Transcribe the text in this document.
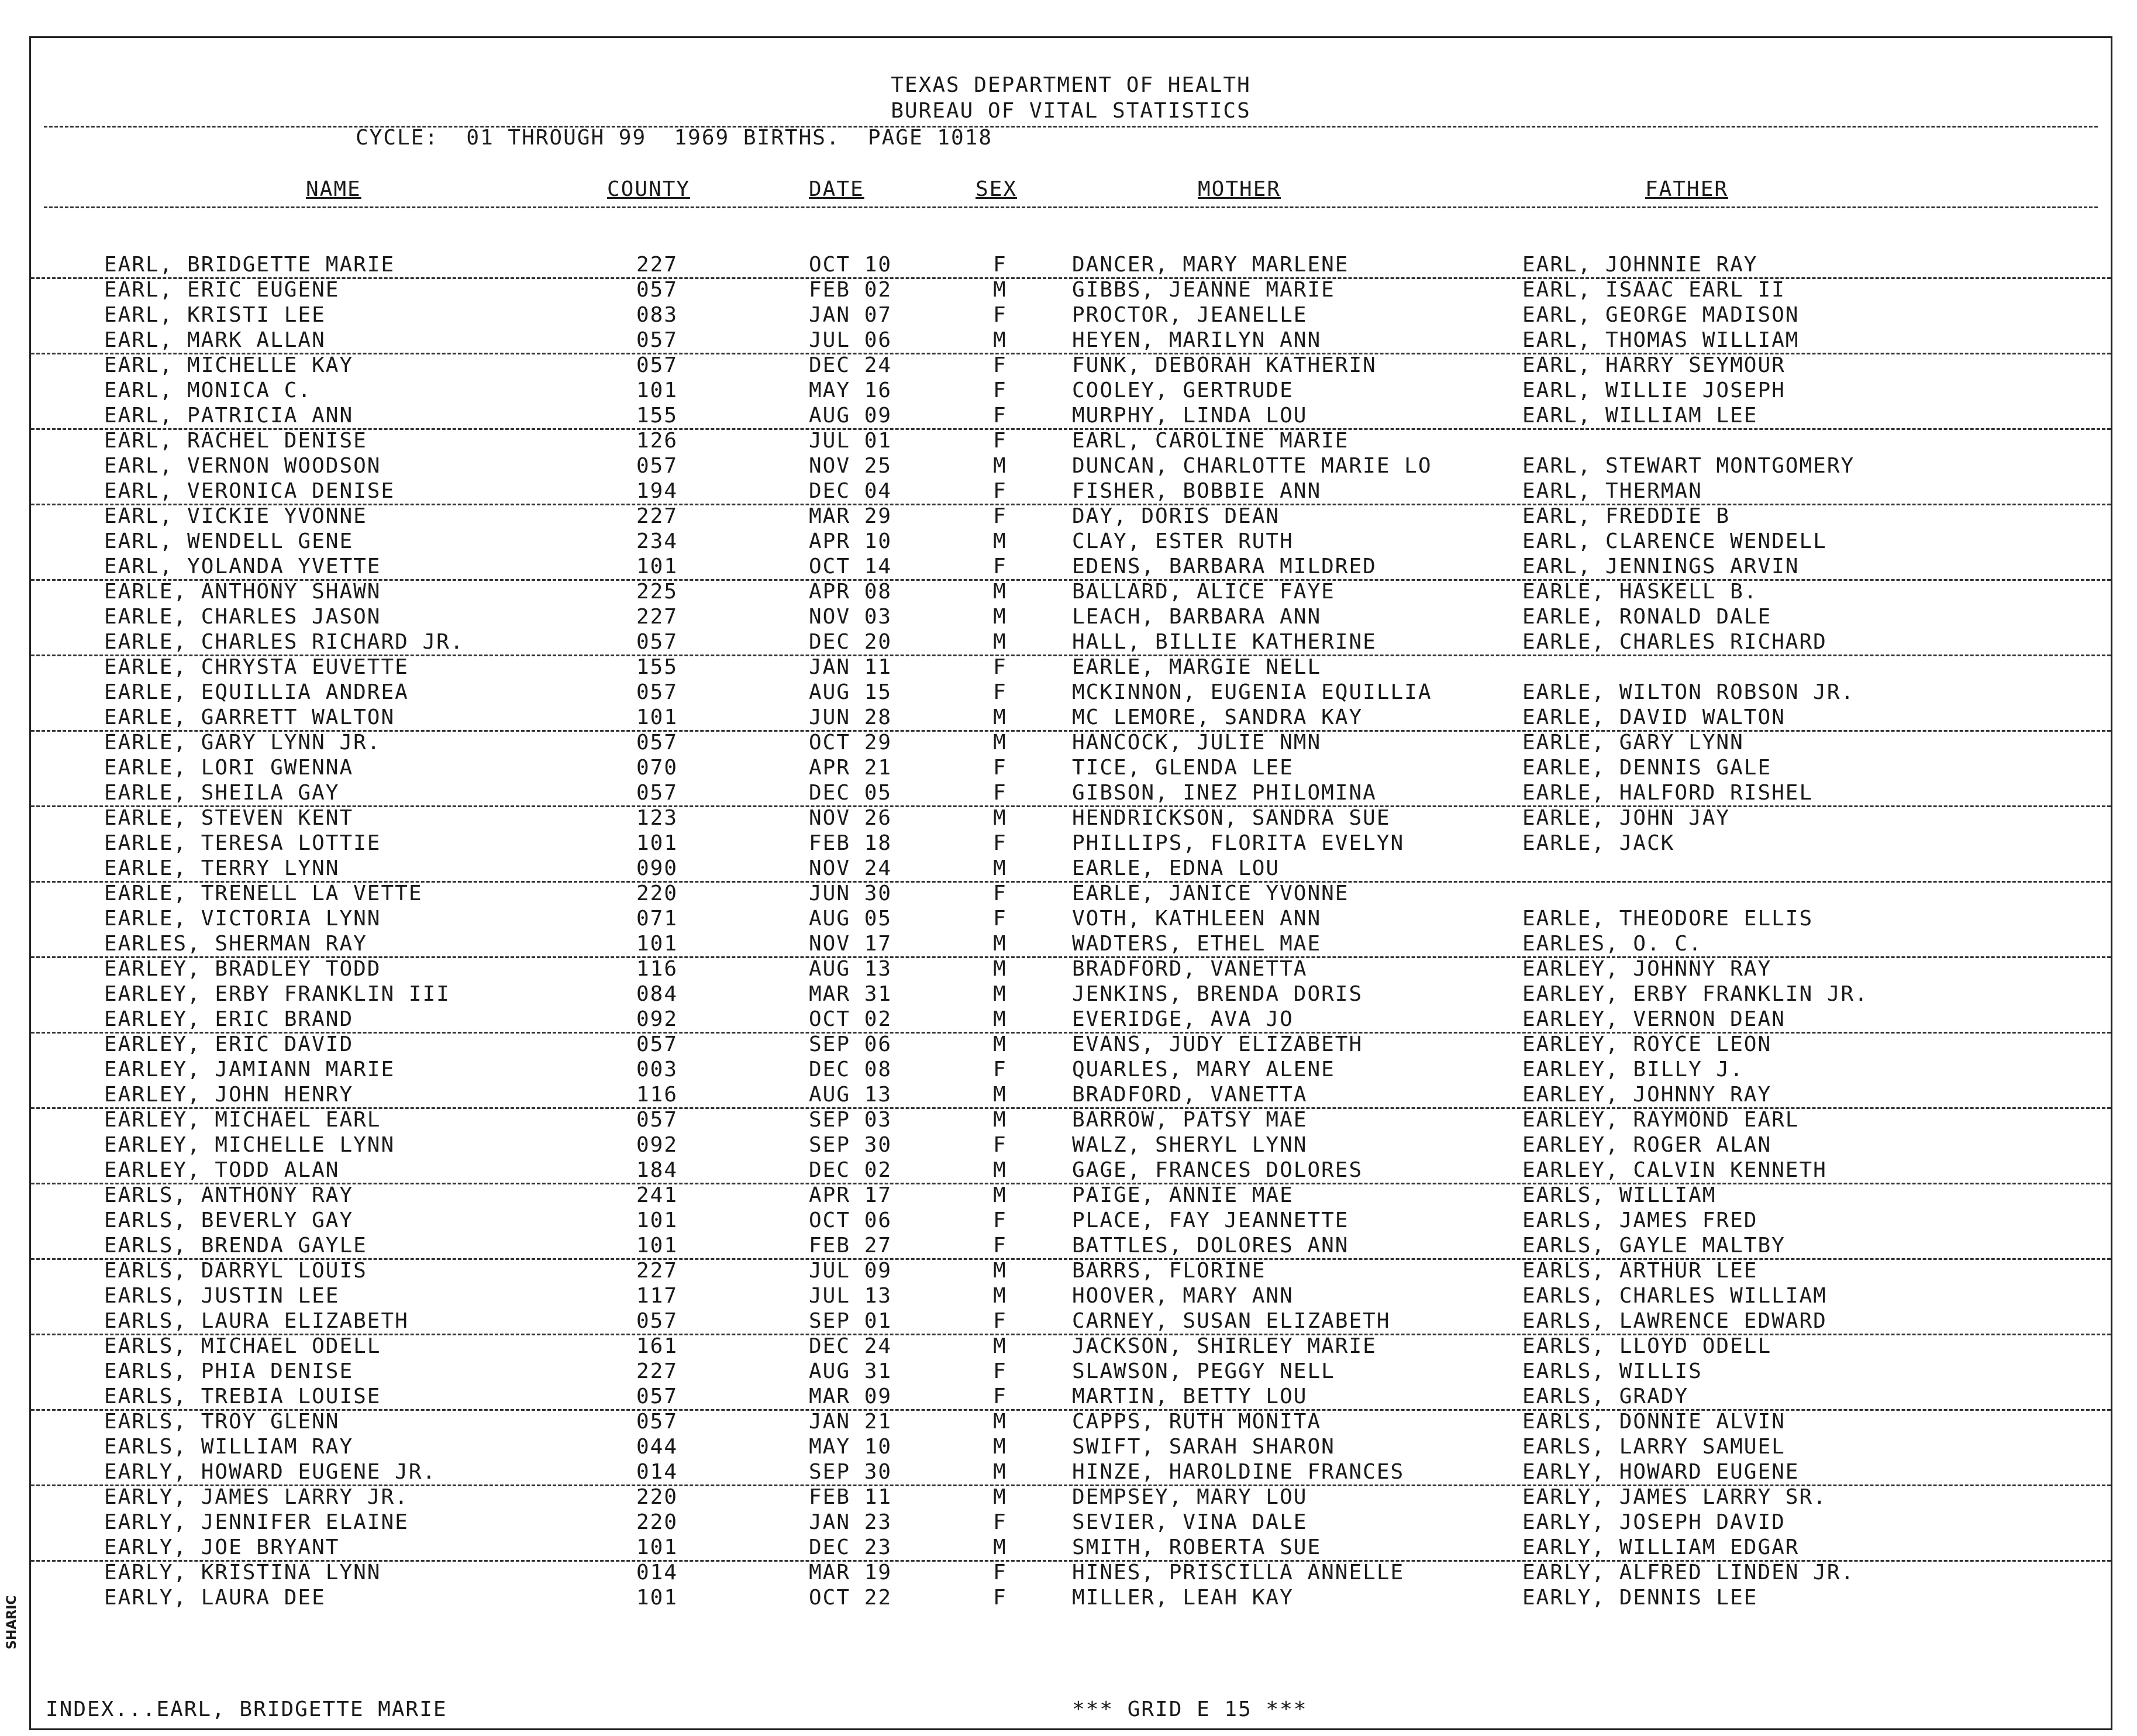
TEXAS DEPARTMENT OF HEALTH
BUREAU OF VITAL STATISTICS
CYCLE:  01 THROUGH 99  1969 BIRTHS.  PAGE 1018
NAME	COUNTY	DATE	SEX	MOTHER	FATHER
EARL, BRIDGETTE MARIE	227	OCT 10	F	DANCER, MARY MARLENE	EARL, JOHNNIE RAY
EARL, ERIC EUGENE	057	FEB 02	M	GIBBS, JEANNE MARIE	EARL, ISAAC EARL II
EARL, KRISTI LEE	083	JAN 07	F	PROCTOR, JEANELLE	EARL, GEORGE MADISON
EARL, MARK ALLAN	057	JUL 06	M	HEYEN, MARILYN ANN	EARL, THOMAS WILLIAM
EARL, MICHELLE KAY	057	DEC 24	F	FUNK, DEBORAH KATHERIN	EARL, HARRY SEYMOUR
EARL, MONICA C.	101	MAY 16	F	COOLEY, GERTRUDE	EARL, WILLIE JOSEPH
EARL, PATRICIA ANN	155	AUG 09	F	MURPHY, LINDA LOU	EARL, WILLIAM LEE
EARL, RACHEL DENISE	126	JUL 01	F	EARL, CAROLINE MARIE
EARL, VERNON WOODSON	057	NOV 25	M	DUNCAN, CHARLOTTE MARIE LO	EARL, STEWART MONTGOMERY
EARL, VERONICA DENISE	194	DEC 04	F	FISHER, BOBBIE ANN	EARL, THERMAN
EARL, VICKIE YVONNE	227	MAR 29	F	DAY, DORIS DEAN	EARL, FREDDIE B
EARL, WENDELL GENE	234	APR 10	M	CLAY, ESTER RUTH	EARL, CLARENCE WENDELL
EARL, YOLANDA YVETTE	101	OCT 14	F	EDENS, BARBARA MILDRED	EARL, JENNINGS ARVIN
EARLE, ANTHONY SHAWN	225	APR 08	M	BALLARD, ALICE FAYE	EARLE, HASKELL B.
EARLE, CHARLES JASON	227	NOV 03	M	LEACH, BARBARA ANN	EARLE, RONALD DALE
EARLE, CHARLES RICHARD JR.	057	DEC 20	M	HALL, BILLIE KATHERINE	EARLE, CHARLES RICHARD
EARLE, CHRYSTA EUVETTE	155	JAN 11	F	EARLE, MARGIE NELL
EARLE, EQUILLIA ANDREA	057	AUG 15	F	MCKINNON, EUGENIA EQUILLIA	EARLE, WILTON ROBSON JR.
EARLE, GARRETT WALTON	101	JUN 28	M	MC LEMORE, SANDRA KAY	EARLE, DAVID WALTON
EARLE, GARY LYNN JR.	057	OCT 29	M	HANCOCK, JULIE NMN	EARLE, GARY LYNN
EARLE, LORI GWENNA	070	APR 21	F	TICE, GLENDA LEE	EARLE, DENNIS GALE
EARLE, SHEILA GAY	057	DEC 05	F	GIBSON, INEZ PHILOMINA	EARLE, HALFORD RISHEL
EARLE, STEVEN KENT	123	NOV 26	M	HENDRICKSON, SANDRA SUE	EARLE, JOHN JAY
EARLE, TERESA LOTTIE	101	FEB 18	F	PHILLIPS, FLORITA EVELYN	EARLE, JACK
EARLE, TERRY LYNN	090	NOV 24	M	EARLE, EDNA LOU
EARLE, TRENELL LA VETTE	220	JUN 30	F	EARLE, JANICE YVONNE
EARLE, VICTORIA LYNN	071	AUG 05	F	VOTH, KATHLEEN ANN	EARLE, THEODORE ELLIS
EARLES, SHERMAN RAY	101	NOV 17	M	WADTERS, ETHEL MAE	EARLES, O. C.
EARLEY, BRADLEY TODD	116	AUG 13	M	BRADFORD, VANETTA	EARLEY, JOHNNY RAY
EARLEY, ERBY FRANKLIN III	084	MAR 31	M	JENKINS, BRENDA DORIS	EARLEY, ERBY FRANKLIN JR.
EARLEY, ERIC BRAND	092	OCT 02	M	EVERIDGE, AVA JO	EARLEY, VERNON DEAN
EARLEY, ERIC DAVID	057	SEP 06	M	EVANS, JUDY ELIZABETH	EARLEY, ROYCE LEON
EARLEY, JAMIANN MARIE	003	DEC 08	F	QUARLES, MARY ALENE	EARLEY, BILLY J.
EARLEY, JOHN HENRY	116	AUG 13	M	BRADFORD, VANETTA	EARLEY, JOHNNY RAY
EARLEY, MICHAEL EARL	057	SEP 03	M	BARROW, PATSY MAE	EARLEY, RAYMOND EARL
EARLEY, MICHELLE LYNN	092	SEP 30	F	WALZ, SHERYL LYNN	EARLEY, ROGER ALAN
EARLEY, TODD ALAN	184	DEC 02	M	GAGE, FRANCES DOLORES	EARLEY, CALVIN KENNETH
EARLS, ANTHONY RAY	241	APR 17	M	PAIGE, ANNIE MAE	EARLS, WILLIAM
EARLS, BEVERLY GAY	101	OCT 06	F	PLACE, FAY JEANNETTE	EARLS, JAMES FRED
EARLS, BRENDA GAYLE	101	FEB 27	F	BATTLES, DOLORES ANN	EARLS, GAYLE MALTBY
EARLS, DARRYL LOUIS	227	JUL 09	M	BARRS, FLORINE	EARLS, ARTHUR LEE
EARLS, JUSTIN LEE	117	JUL 13	M	HOOVER, MARY ANN	EARLS, CHARLES WILLIAM
EARLS, LAURA ELIZABETH	057	SEP 01	F	CARNEY, SUSAN ELIZABETH	EARLS, LAWRENCE EDWARD
EARLS, MICHAEL ODELL	161	DEC 24	M	JACKSON, SHIRLEY MARIE	EARLS, LLOYD ODELL
EARLS, PHIA DENISE	227	AUG 31	F	SLAWSON, PEGGY NELL	EARLS, WILLIS
EARLS, TREBIA LOUISE	057	MAR 09	F	MARTIN, BETTY LOU	EARLS, GRADY
EARLS, TROY GLENN	057	JAN 21	M	CAPPS, RUTH MONITA	EARLS, DONNIE ALVIN
EARLS, WILLIAM RAY	044	MAY 10	M	SWIFT, SARAH SHARON	EARLS, LARRY SAMUEL
EARLY, HOWARD EUGENE JR.	014	SEP 30	M	HINZE, HAROLDINE FRANCES	EARLY, HOWARD EUGENE
EARLY, JAMES LARRY JR.	220	FEB 11	M	DEMPSEY, MARY LOU	EARLY, JAMES LARRY SR.
EARLY, JENNIFER ELAINE	220	JAN 23	F	SEVIER, VINA DALE	EARLY, JOSEPH DAVID
EARLY, JOE BRYANT	101	DEC 23	M	SMITH, ROBERTA SUE	EARLY, WILLIAM EDGAR
EARLY, KRISTINA LYNN	014	MAR 19	F	HINES, PRISCILLA ANNELLE	EARLY, ALFRED LINDEN JR.
EARLY, LAURA DEE	101	OCT 22	F	MILLER, LEAH KAY	EARLY, DENNIS LEE
INDEX...EARL, BRIDGETTE MARIE	*** GRID E 15 ***
SHARIC
